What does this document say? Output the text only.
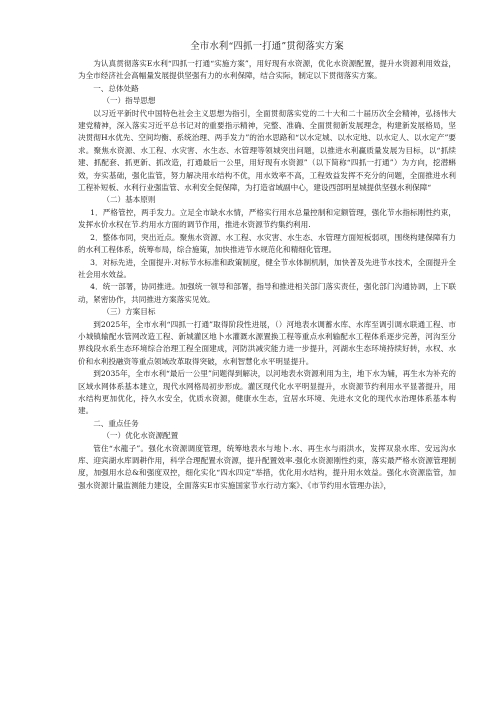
全市水利“四抓一打通”贯彻落实方案

为认真贯彻落实E水利“四抓一打通“实施方案”，用好现有水资源，优化水资源配置，提升水资源利用效益，为全市经济社会高幅量发展提供坚强有力的水利保障，结合实际，制定以下贯彻落实方案。

一、总体处路

（一）指导思想

以习近平新时代中国特色社会主义思想为指引，全面贯彻落实党的二十大和二十届历次全会精神，弘扬伟大建党精神，深入落实习近平总书记对的重要指示精神，完整、准确、全面贯彻新发展理念，构建新发展格局，坚决贯彻H水优先、空间均衡、系统治理、两手发力”的治水思路和“以水定城、以水定地、以水定人、以水定产”要求。聚焦水资源、水工程、水灾害、水生态、水管理等领城突出问题，以推进水利赢质量发展为目标，以“抓续建、抓配套、抓更新、抓改造，打通最后一公里，用好现有水资源”（以下简称“四抓一打通”）为方向，挖潜蝌效，夯实基础，强化监管，努力解决用水结构不优，用水效率不高，工程效益发挥不充分的问题，全面推进水利工程补短板、水利行业强监管、水利安全促保障，为打造省域副中心，建设西部明星城提供坚强水利保障“

（二）基本原则

1．严格管控，两手发力。立足全市缺水水情，严格实行用水总量控制和定额管理，强化节水指标刚性约束，发挥水价水权在节.约用水方面的调节作用，推进水资源节约集约利用.

2．整体布同，突出近点。聚焦水资源、水工程、水灾害、水生态、水管理方面短板弱项，围绕构建保障有力的水利工程体系，统筹布局，综合施策，加快推进节水规范化和精细化管理。

3．对标先进，全面提升.对标节水标准和政策制度，健全节水体制机制，加快普及先进节水技术，全面提升全社会用水效益。

4．统一部署，协同推进。加强统一领导和部署，指导和推进相关部门落实责任，强化部门沟通协调，上下联动，紧密协作，共同推进方案落实见效。

（三）方案目标

到2025年，全市水利“四抓一打通”取得阶段性进展，（）河地表水调蓄水库、水库至调引调水联通工程、市小城镇输配水管网改造工程、新城灌区地卜水灌溉水源置换工程等重点水利输配水工程体系逐步完善，河沟至分界线段水系生态环境综合治理工程全面建成，河防洪减灾能力进一步提升，河湖水生态环境持续好转，水权、水价和水利投融资等重点领域改革取得突破，水利智慧化水平明显提升。

到2035年，全市水利“最后一公里”问题得到解决，以河地表水资源利用为主，地下水为辅，再生水为补充的区域水网体系基本建立，现代水网格局初步形成。灌区现代化水平明显提升，水资源节约利用水平显著提升，用水结构更加优化，持久水安全，优质水资源，健康水生态，宜居水环境、先进水文化的现代水治理体系基本构建。

二、重点任务

（一）优化水资源配置

管住“水龍子”。强化水资源调度管理，统筹地表水与地卜.水、再生水与雨洪水，发挥双泉水库、安远沟水库、迎宾湖水库调耕作用，科学合理配置水资源，提升配置效率.强化水资源刚性约束，落实最严格水资源管理制度，加强用水总&和强度双控，细化实化“四水四定”举措，优化用水结构，提升用水效益。强化水资源监管，加强水资源计量监测能力建设，全面落实E市实施国家节水行动方案》、《市节约用水管理办法》，
